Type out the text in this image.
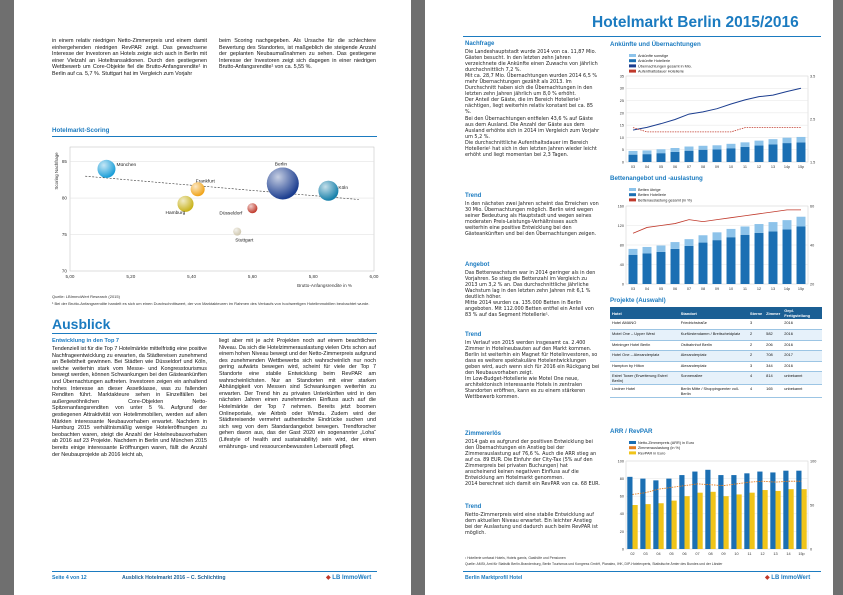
in einem relativ niedrigen Netto-Zimmerpreis und einem damit einhergehenden niedrigen RevPAR zeigt. Das gewachsene Interesse der Investoren an Hotels zeigte sich auch in Berlin mit einer Vielzahl an Hoteltransaktionen. Durch den gestiegenen Wettbewerb um Core-Objekte fiel die Brutto-Anfangsrendite¹ in Berlin auf ca. 5,7 %. Stuttgart hat im Vergleich zum Vorjahr
beim Scoring nachgegeben. Als Ursache für die schlechtere Bewertung des Standortes, ist maßgeblich die steigende Anzahl der geplanten Neubaumaßnahmen zu sehen. Das gestiegene Interesse der Investoren zeigt sich dagegen in einer niedrigen Brutto-Anfangsrendite¹ von ca. 5,55 %.
Hotelmarkt-Scoring
München
Frankfurt
Hamburg
Berlin
Köln
Düsseldorf
Stuttgart
5,00	5,20	5,40	5,60	5,80	6,00
85
80
75
70
Scoring Nachfrage
Brutto-Anfangsrendite in %
Quelle: LBImmoWert Research (2015)
¹ Bei der Brutto-Anfangsrendite handelt es sich um einen Durchschnittswert, der von Marktakteuren im Rahmen des Verkaufs von hochwertigen Hotelimmobilien beobachtet wurde.
Ausblick
Entwicklung in den Top 7
Tendenziell ist für die Top 7 Hotelmärkte mittelfristig eine positive Nachfrageentwicklung zu erwarten, da Städtereisen zunehmend an Beliebtheit gewinnen. Bei Städten wie Düsseldorf und Köln, welche weiterhin stark vom Messe- und Kongresstourismus bewegt werden, können Schwankungen bei den Gästeankünften und Übernachtungen auftreten. Investoren zeigen ein anhaltend hohes Interesse an dieser Assetklasse, was zu fallenden Renditen führt. Marktakteure sehen in Einzelfällen bei außergewöhnlichen Core-Objekten Netto-Spitzenanfangsrenditen von unter 5 %. Aufgrund der gestiegenen Attraktivität von Hotelimmobilien, werden auf allen Märkten interessante Neubauvorhaben erwartet. Nachdem in Hamburg 2015 verhältnismäßig wenige Hoteleröffnungen zu beobachten waren, steigt die Anzahl der Hotelneubauvorhaben ab 2016 auf 23 Projekte. Nachdem in Berlin und München 2015 bereits einige interessante Eröffnungen waren, fällt die Anzahl der Neubauprojekte ab 2016 leicht ab,
liegt aber mit je acht Projekten noch auf einem beachtlichen Niveau. Da sich die Hotelzimmerauslastung vielen Orts schon auf einem hohen Niveau bewegt und der Netto-Zimmerpreis aufgrund des zunehmenden Wettbewerbs sich wahrscheinlich nur noch gering aufwärts bewegen wird, scheint für viele der Top 7 Standorte eine stabile Entwicklung beim RevPAR am wahrscheinlichsten. Nur an Standorten mit einer starken Abhängigkeit von Messen sind Schwankungen weiterhin zu erwarten. Der Trend hin zu privaten Unterkünften wird in den nächsten Jahren einen zunehmenden Einfluss auch auf die Hotelmärkte der Top 7 nehmen. Bereits jetzt boomen Onlineportale, wie Airbnb oder Wimdu. Zudem wird der Städtereisende vermehrt authentische Eindrücke suchen und sich weg von dem Standardangebot bewegen. Trendforscher gehen davon aus, das der Gast 2020 ein sogenannter „Loha“ (Lifestyle of health and sustainability) sein wird, der einen ernährungs- und ressourcenbewussten Lebensstil pflegt.
Seite 4 von 12	Ausblick Hotelmarkt 2016 – C. Schlichting	◆ LB ImmoWert
Hotelmarkt Berlin 2015/2016
Nachfrage

Die Landeshauptstadt wurde 2014 von ca. 11,87 Mio. Gästen besucht. In den letzten zehn Jahren verzeichnete die Ankünfte einen Zuwachs von jährlich durchschnittlich 7,2 %.

Mit ca. 28,7 Mio. Übernachtungen wurden 2014 6,5 % mehr Übernachtungen gezählt als 2013. Im Durchschnitt haben sich die Übernachtungen in den letzten zehn Jahren jährlich um 8,0 % erhöht.

Der Anteil der Gäste, die im Bereich Hotellerie¹ nächtigen, liegt weiterhin relativ konstant bei ca. 85 %.

Bei den Übernachtungen entfielen 43,6 % auf Gäste aus dem Ausland. Die Anzahl der Gäste aus dem Ausland erhöhte sich in 2014 im Vergleich zum Vorjahr um 5,2 %.

Die durchschnittliche Aufenthaltsdauer im Bereich Hotellerie¹ hat sich in den letzten Jahren wieder leicht erhöht und liegt momentan bei 2,3 Tagen.

Trend
In den nächsten zwei Jahren scheint das Erreichen von 30 Mio. Übernachtungen möglich. Berlin wird wegen seiner Bedeutung als Hauptstadt und wegen seines moderaten Preis-Leistungs-Verhältnisses auch weiterhin eine positive Entwicklung bei den Gästeankünften und bei den Übernachtungen zeigen.
Angebot

Das Bettenwachstum war in 2014 geringer als in den Vorjahren. So stieg die Bettenzahl im Vergleich zu 2013 um 3,2 % an. Das durchschnittliche jährliche Wachstum lag in den letzten zehn Jahren mit 6,1 % deutlich höher.

Mitte 2014 wurden ca. 135.000 Betten in Berlin angeboten. Mit 112.000 Betten entfiel ein Anteil von 83 % auf das Segment Hotellerie¹.

Trend

Im Verlauf von 2015 werden insgesamt ca. 2.400 Zimmer in Hotelneubauten auf den Markt kommen.

Berlin ist weiterhin ein Magnet für Hotelinvestoren, so dass es weitere spektakuläre Hotelentwicklungen geben wird, auch wenn sich für 2016 ein Rückgang bei den Neubauvorhaben zeigt.

Im Low-Budget-Hotellerie wie Motel One neue, architektonisch interessante Hotels in zentralen Standorten eröffnen, kann es zu einem stärkeren Wettbewerb kommen.

Zimmererlös

2014 gab es aufgrund der positiven Entwicklung bei den Übernachtungen ein Anstieg bei der Zimmerauslastung auf 76,6 %. Auch die ARR stieg an auf ca. 89 EUR. Die Einfuhr der City-Tax (5% auf den Zimmerpreis bei privaten Buchungen) hat anscheinend keinen negativen Einfluss auf die Entwicklung am Hotelmarkt genommen.

2014 berechnet sich damit ein RevPAR von ca. 68 EUR.

Trend
Netto-Zimmerpreis wird eine stabile Entwicklung auf dem aktuellen Niveau erwartet. Ein leichter Anstieg bei der Auslastung und dadurch auch beim RevPAR ist möglich.
Ankünfte und Übernachtungen
0
5
10
15
20
25
30
35
1.5
2.5
3.5
03	04	05	06	07	08	09	10	11	12	13 14p 15p
Ankünfte sonstige
Ankünfte Hotellerie
Übernachtungen gesamt in Mio.
Aufenthaltsdauer Hotellerie
Bettenangebot und -auslastung
0
40
80
120
160
20
40
60
03	04	05	06	07	08	09	10	11	12	13 14p 15p
Betten übrige
Betten Hotellerie
Bettenauslastung gesamt (in %)
Projekte (Auswahl)
Hotel	Standort	Sterne	Zimmer	Gepl. Fertigstellung
Hotel AMANO	Friedrichstraße	3		2016
Motel One – Upper West	Kurfürstendamm / Breitscheidplatz	2	582	2016
Meininger Hotel Berlin	Ostbahnhof Berlin	2	206	2016
Hotel One – Alexanderplatz	Alexanderplatz	2	708	2017
Hampton by Hilton	Alexanderplatz	3	344	2016
Estrel Tower (Erweiterung Estrel Berlin)	Sonnenallee	4	814	unbekannt
Lindner Hotel	Berlin Mitte / Shoppingcenter voll-Berlin	4	165	unbekannt
ARR / RevPAR
0
20
40
60
80
100
0
50
100
02 03 04 05 06 07 08 09 10 11 12 13 14 15p
Netto-Zimmerpreis (ARR) in Euro
Zimmerauslastung (in %)
RevPAR in Euro
¹ Hotellerie umfasst Hotels, Hotels garnis, Gasthöfe und Pensionen
Quelle: AMSt, Amt für Statistik Berlin-Brandenburg, Berlin Tourismus und Kongress GmbH, Planaleo, IHK, DIP-Hotelexperts, Statistische Ämter des Bundes und der Länder
Berlin Marktprofil Hotel	◆ LB ImmoWert
